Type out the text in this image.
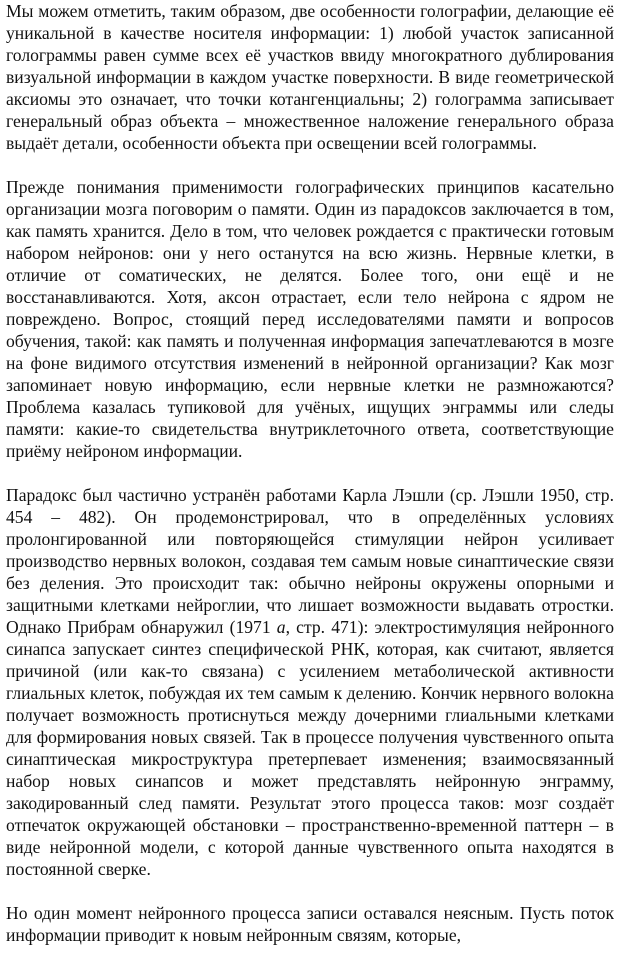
Мы можем отметить, таким образом, две особенности голографии, делающие её уникальной в качестве носителя информации: 1) любой участок записанной голограммы равен сумме всех её участков ввиду многократного дублирования визуальной информации в каждом участке поверхности. В виде геометрической аксиомы это означает, что точки котангенциальны; 2) голограмма записывает генеральный образ объекта – множественное наложение генерального образа выдаёт детали, особенности объекта при освещении всей голограммы.

Прежде понимания применимости голографических принципов касательно организации мозга поговорим о памяти. Один из парадоксов заключается в том, как память хранится. Дело в том, что человек рождается с практически готовым набором нейронов: они у него останутся на всю жизнь. Нервные клетки, в отличие от соматических, не делятся. Более того, они ещё и не восстанавливаются. Хотя, аксон отрастает, если тело нейрона с ядром не повреждено. Вопрос, стоящий перед исследователями памяти и вопросов обучения, такой: как память и полученная информация запечатлеваются в мозге на фоне видимого отсутствия изменений в нейронной организации? Как мозг запоминает новую информацию, если нервные клетки не размножаются? Проблема казалась тупиковой для учёных, ищущих энграммы или следы памяти: какие-то свидетельства внутриклеточного ответа, соответствующие приёму нейроном информации.

Парадокс был частично устранён работами Карла Лэшли (ср. Лэшли 1950, стр. 454 – 482). Он продемонстрировал, что в определённых условиях пролонгированной или повторяющейся стимуляции нейрон усиливает производство нервных волокон, создавая тем самым новые синаптические связи без деления. Это происходит так: обычно нейроны окружены опорными и защитными клетками нейроглии, что лишает возможности выдавать отростки. Однако Прибрам обнаружил (1971 a, стр. 471): электростимуляция нейронного синапса запускает синтез специфической РНК, которая, как считают, является причиной (или как-то связана) с усилением метаболической активности глиальных клеток, побуждая их тем самым к делению. Кончик нервного волокна получает возможность протиснуться между дочерними глиальными клетками для формирования новых связей. Так в процессе получения чувственного опыта синаптическая микроструктура претерпевает изменения; взаимосвязанный набор новых синапсов и может представлять нейронную энграмму, закодированный след памяти. Результат этого процесса таков: мозг создаёт отпечаток окружающей обстановки – пространственно-временной паттерн – в виде нейронной модели, с которой данные чувственного опыта находятся в постоянной сверке.

Но один момент нейронного процесса записи оставался неясным. Пусть поток информации приводит к новым нейронным связям, которые,
